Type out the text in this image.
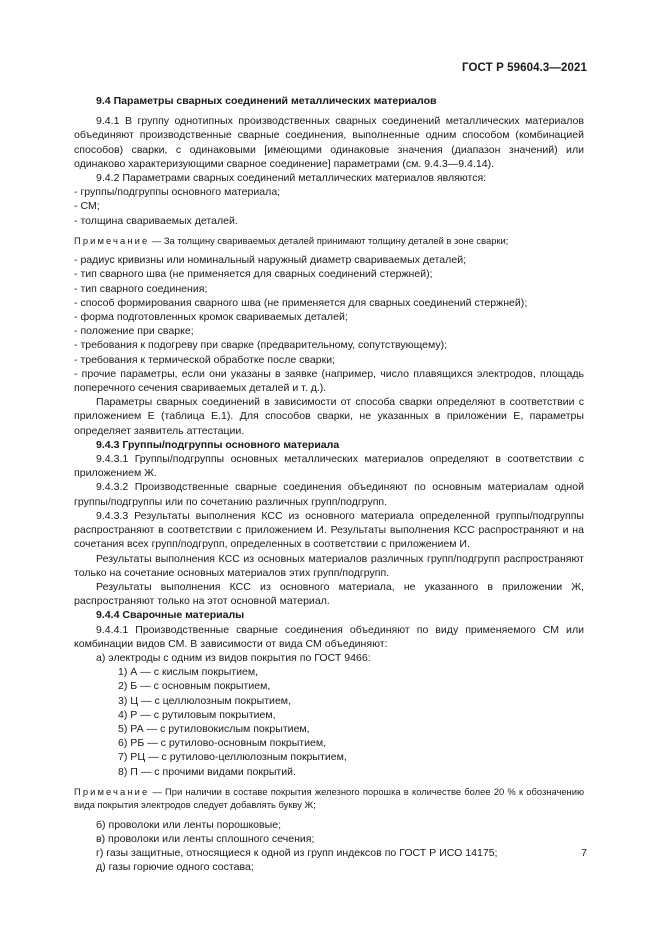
ГОСТ Р 59604.3—2021

9.4 Параметры сварных соединений металлических материалов

9.4.1 В группу однотипных производственных сварных соединений металлических материалов объединяют производственные сварные соединения, выполненные одним способом (комбинацией способов) сварки, с одинаковыми [имеющими одинаковые значения (диапазон значений) или одинаково характеризующими сварное соединение] параметрами (см. 9.4.3—9.4.14).

9.4.2 Параметрами сварных соединений металлических материалов являются:

- группы/подгруппы основного материала;

- СМ;

- толщина свариваемых деталей.

Примечание — За толщину свариваемых деталей принимают толщину деталей в зоне сварки;

- радиус кривизны или номинальный наружный диаметр свариваемых деталей;

- тип сварного шва (не применяется для сварных соединений стержней);

- тип сварного соединения;

- способ формирования сварного шва (не применяется для сварных соединений стержней);

- форма подготовленных кромок свариваемых деталей;

- положение при сварке;

- требования к подогреву при сварке (предварительному, сопутствующему);

- требования к термической обработке после сварки;

- прочие параметры, если они указаны в заявке (например, число плавящихся электродов, площадь поперечного сечения свариваемых деталей и т. д.).

Параметры сварных соединений в зависимости от способа сварки определяют в соответствии с приложением Е (таблица Е.1). Для способов сварки, не указанных в приложении Е, параметры определяет заявитель аттестации.

9.4.3 Группы/подгруппы основного материала

9.4.3.1 Группы/подгруппы основных металлических материалов определяют в соответствии с приложением Ж.

9.4.3.2 Производственные сварные соединения объединяют по основным материалам одной группы/подгруппы или по сочетанию различных групп/подгрупп.

9.4.3.3 Результаты выполнения КСС из основного материала определенной группы/подгруппы распространяют в соответствии с приложением И. Результаты выполнения КСС распространяют и на сочетания всех групп/подгрупп, определенных в соответствии с приложением И.

Результаты выполнения КСС из основных материалов различных групп/подгрупп распространяют только на сочетание основных материалов этих групп/подгрупп.

Результаты выполнения КСС из основного материала, не указанного в приложении Ж, распространяют только на этот основной материал.

9.4.4 Сварочные материалы

9.4.4.1 Производственные сварные соединения объединяют по виду применяемого СМ или комбинации видов СМ. В зависимости от вида СМ объединяют:

а) электроды с одним из видов покрытия по ГОСТ 9466:

1) А — с кислым покрытием,

2) Б — с основным покрытием,

3) Ц — с целлюлозным покрытием,

4) Р — с рутиловым покрытием,

5) РА — с рутиловокислым покрытием,

6) РБ — с рутилово-основным покрытием,

7) РЦ — с рутилово-целлюлозным покрытием,

8) П — с прочими видами покрытий.

Примечание — При наличии в составе покрытия железного порошка в количестве более 20 % к обозначению вида покрытия электродов следует добавлять букву Ж;

б) проволоки или ленты порошковые;

в) проволоки или ленты сплошного сечения;

г) газы защитные, относящиеся к одной из групп индексов по ГОСТ Р ИСО 14175;

д) газы горючие одного состава;

7
